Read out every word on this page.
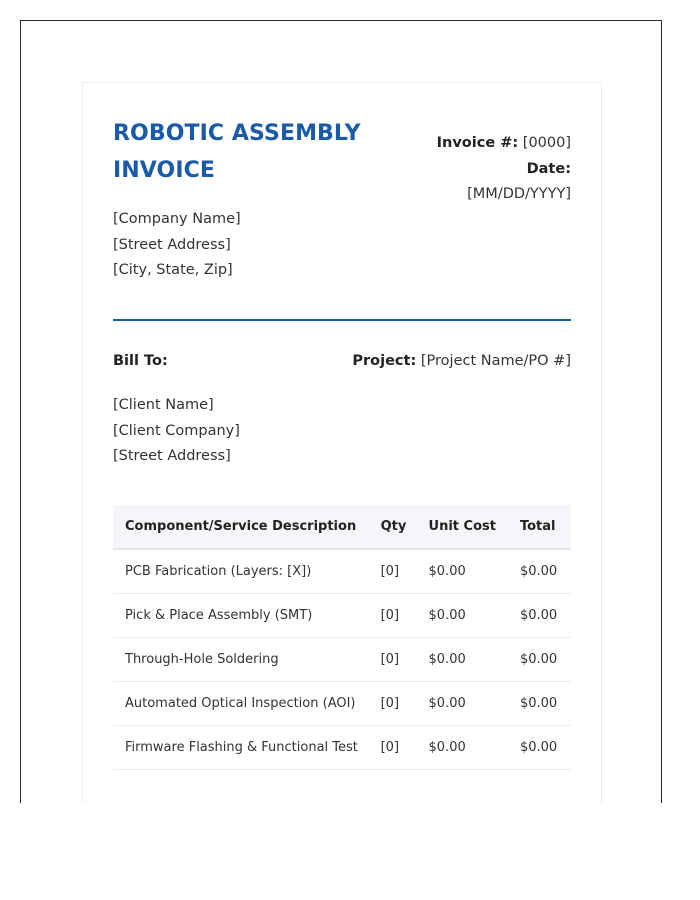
ROBOTIC ASSEMBLY INVOICE
Invoice #: [0000]
Date:
[MM/DD/YYYY]
[Company Name]
[Street Address]
[City, State, Zip]
Bill To:	Project: [Project Name/PO #]
[Client Name]
[Client Company]
[Street Address]
Component/Service Description	Qty	Unit Cost	Total
PCB Fabrication (Layers: [X])	[0]	$0.00	$0.00
Pick & Place Assembly (SMT)	[0]	$0.00	$0.00
Through-Hole Soldering	[0]	$0.00	$0.00
Automated Optical Inspection (AOI)	[0]	$0.00	$0.00
Firmware Flashing & Functional Test	[0]	$0.00	$0.00
